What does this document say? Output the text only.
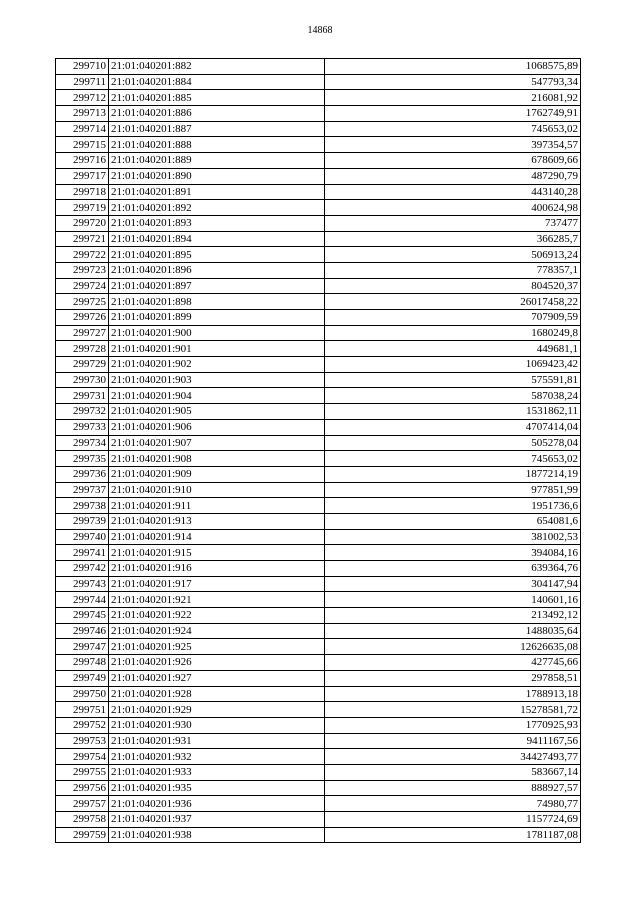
14868
299710	21:01:040201:882	1068575,89
299711	21:01:040201:884	547793,34
299712	21:01:040201:885	216081,92
299713	21:01:040201:886	1762749,91
299714	21:01:040201:887	745653,02
299715	21:01:040201:888	397354,57
299716	21:01:040201:889	678609,66
299717	21:01:040201:890	487290,79
299718	21:01:040201:891	443140,28
299719	21:01:040201:892	400624,98
299720	21:01:040201:893	737477
299721	21:01:040201:894	366285,7
299722	21:01:040201:895	506913,24
299723	21:01:040201:896	778357,1
299724	21:01:040201:897	804520,37
299725	21:01:040201:898	26017458,22
299726	21:01:040201:899	707909,59
299727	21:01:040201:900	1680249,8
299728	21:01:040201:901	449681,1
299729	21:01:040201:902	1069423,42
299730	21:01:040201:903	575591,81
299731	21:01:040201:904	587038,24
299732	21:01:040201:905	1531862,11
299733	21:01:040201:906	4707414,04
299734	21:01:040201:907	505278,04
299735	21:01:040201:908	745653,02
299736	21:01:040201:909	1877214,19
299737	21:01:040201:910	977851,99
299738	21:01:040201:911	1951736,6
299739	21:01:040201:913	654081,6
299740	21:01:040201:914	381002,53
299741	21:01:040201:915	394084,16
299742	21:01:040201:916	639364,76
299743	21:01:040201:917	304147,94
299744	21:01:040201:921	140601,16
299745	21:01:040201:922	213492,12
299746	21:01:040201:924	1488035,64
299747	21:01:040201:925	12626635,08
299748	21:01:040201:926	427745,66
299749	21:01:040201:927	297858,51
299750	21:01:040201:928	1788913,18
299751	21:01:040201:929	15278581,72
299752	21:01:040201:930	1770925,93
299753	21:01:040201:931	9411167,56
299754	21:01:040201:932	34427493,77
299755	21:01:040201:933	583667,14
299756	21:01:040201:935	888927,57
299757	21:01:040201:936	74980,77
299758	21:01:040201:937	1157724,69
299759	21:01:040201:938	1781187,08
